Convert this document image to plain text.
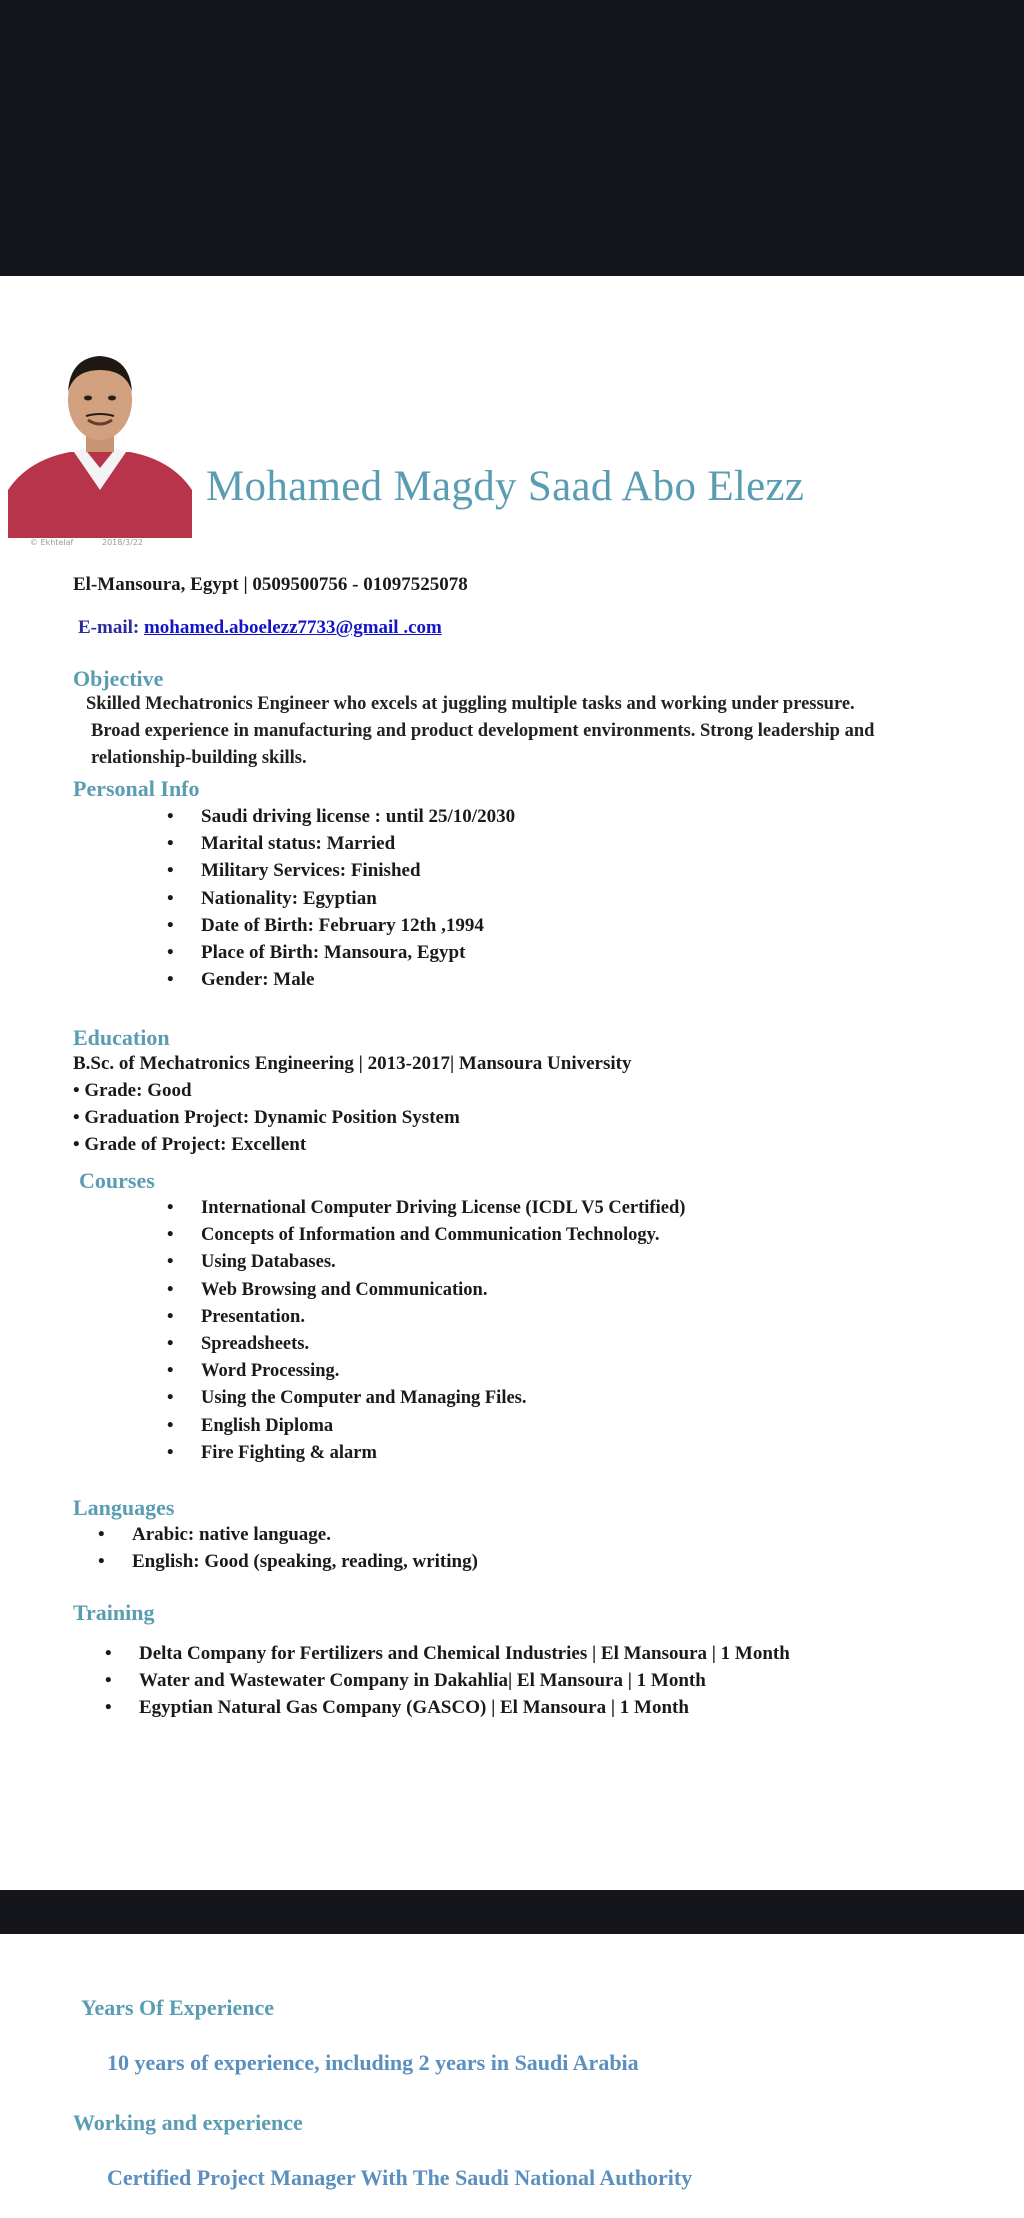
© Ekhtelaf	2018/3/22
Mohamed Magdy Saad Abo Elezz
El-Mansoura, Egypt | 0509500756 - 01097525078
E-mail: mohamed.aboelezz7733@gmail .com
Objective
Skilled Mechatronics Engineer who excels at juggling multiple tasks and working under pressure.
Broad experience in manufacturing and product development environments. Strong leadership and
relationship-building skills.
Personal Info
• Saudi driving license : until 25/10/2030
• Marital status: Married
• Military Services: Finished
• Nationality: Egyptian
• Date of Birth: February 12th ,1994
• Place of Birth: Mansoura, Egypt
• Gender: Male
Education
B.Sc. of Mechatronics Engineering | 2013-2017| Mansoura University
• Grade: Good
• Graduation Project: Dynamic Position System
• Grade of Project: Excellent
Courses
• International Computer Driving License (ICDL V5 Certified)
• Concepts of Information and Communication Technology.
• Using Databases.
• Web Browsing and Communication.
• Presentation.
• Spreadsheets.
• Word Processing.
• Using the Computer and Managing Files.
• English Diploma
• Fire Fighting & alarm
Languages
• Arabic: native language.
• English: Good (speaking, reading, writing)
Training
• Delta Company for Fertilizers and Chemical Industries | El Mansoura | 1 Month
• Water and Wastewater Company in Dakahlia| El Mansoura | 1 Month
• Egyptian Natural Gas Company (GASCO) | El Mansoura | 1 Month
Years Of Experience
10 years of experience, including 2 years in Saudi Arabia
Working and experience
Certified Project Manager With The Saudi National Authority
